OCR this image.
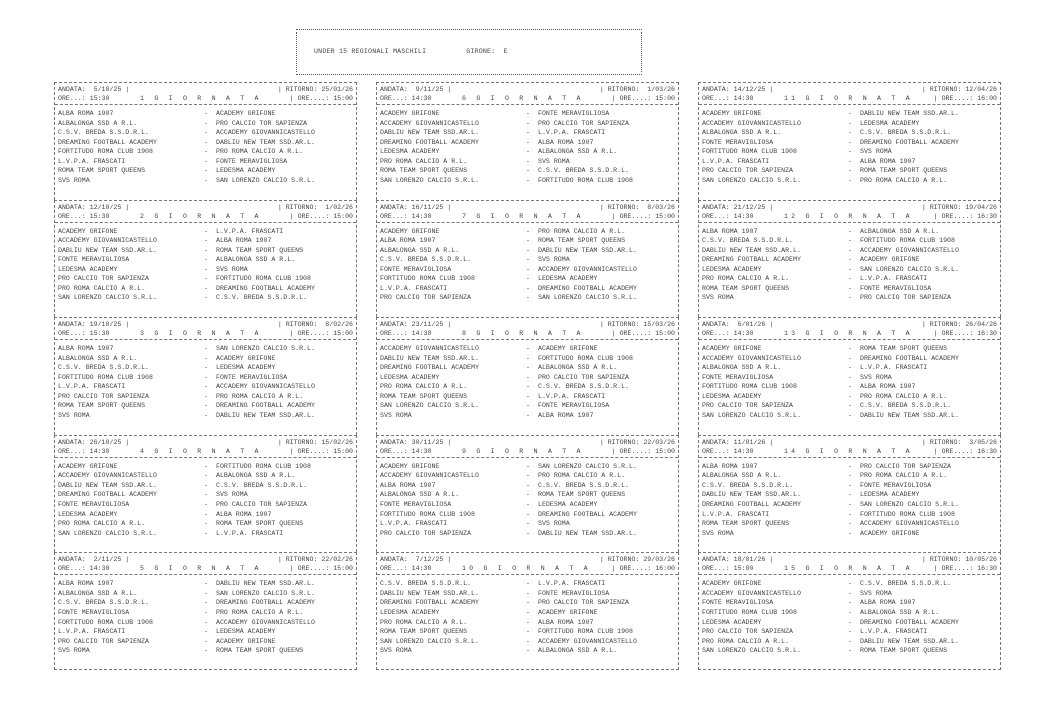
UNDER 15 REGIONALI MASCHILI	GIRONE:  E
ANDATA:  5/10/25 |	| RITORNO: 25/01/26
ORE...: 15:30	1 G I O R N A T A	| ORE....: 15:00
ALBA ROMA 1907	- ACADEMY GRIFONE
ALBALONGA SSD A R.L.	- PRO CALCIO TOR SAPIENZA
C.S.V. BREDA S.S.D.R.L.	- ACCADEMY GIOVANNICASTELLO
DREAMING FOOTBALL ACADEMY	- DABLIU NEW TEAM SSD.AR.L.
FORTITUDO ROMA CLUB 1908	- PRO ROMA CALCIO A R.L.
L.V.P.A. FRASCATI	- FONTE MERAVIGLIOSA
ROMA TEAM SPORT QUEENS	- LEDESMA ACADEMY
SVS ROMA	- SAN LORENZO CALCIO S.R.L.
ANDATA: 12/10/25 |	| RITORNO:  1/02/26
ORE...: 15:30	2 G I O R N A T A	| ORE....: 15:00
ACADEMY GRIFONE	- L.V.P.A. FRASCATI
ACCADEMY GIOVANNICASTELLO	- ALBA ROMA 1907
DABLIU NEW TEAM SSD.AR.L.	- ROMA TEAM SPORT QUEENS
FONTE MERAVIGLIOSA	- ALBALONGA SSD A R.L.
LEDESMA ACADEMY	- SVS ROMA
PRO CALCIO TOR SAPIENZA	- FORTITUDO ROMA CLUB 1908
PRO ROMA CALCIO A R.L.	- DREAMING FOOTBALL ACADEMY
SAN LORENZO CALCIO S.R.L.	- C.S.V. BREDA S.S.D.R.L.
ANDATA: 19/10/25 |	| RITORNO:  8/02/26
ORE...: 15:30	3 G I O R N A T A	| ORE....: 15:00
ALBA ROMA 1907	- SAN LORENZO CALCIO S.R.L.
ALBALONGA SSD A R.L.	- ACADEMY GRIFONE
C.S.V. BREDA S.S.D.R.L.	- LEDESMA ACADEMY
FORTITUDO ROMA CLUB 1908	- FONTE MERAVIGLIOSA
L.V.P.A. FRASCATI	- ACCADEMY GIOVANNICASTELLO
PRO CALCIO TOR SAPIENZA	- PRO ROMA CALCIO A R.L.
ROMA TEAM SPORT QUEENS	- DREAMING FOOTBALL ACADEMY
SVS ROMA	- DABLIU NEW TEAM SSD.AR.L.
ANDATA: 26/10/25 |	| RITORNO: 15/02/26
ORE...: 14:30	4 G I O R N A T A	| ORE....: 15:00
ACADEMY GRIFONE	- FORTITUDO ROMA CLUB 1908
ACCADEMY GIOVANNICASTELLO	- ALBALONGA SSD A R.L.
DABLIU NEW TEAM SSD.AR.L.	- C.S.V. BREDA S.S.D.R.L.
DREAMING FOOTBALL ACADEMY	- SVS ROMA
FONTE MERAVIGLIOSA	- PRO CALCIO TOR SAPIENZA
LEDESMA ACADEMY	- ALBA ROMA 1907
PRO ROMA CALCIO A R.L.	- ROMA TEAM SPORT QUEENS
SAN LORENZO CALCIO S.R.L.	- L.V.P.A. FRASCATI
ANDATA:  2/11/25 |	| RITORNO: 22/02/26
ORE...: 14:30	5 G I O R N A T A	| ORE....: 15:00
ALBA ROMA 1907	- DABLIU NEW TEAM SSD.AR.L.
ALBALONGA SSD A R.L.	- SAN LORENZO CALCIO S.R.L.
C.S.V. BREDA S.S.D.R.L.	- DREAMING FOOTBALL ACADEMY
FONTE MERAVIGLIOSA	- PRO ROMA CALCIO A R.L.
FORTITUDO ROMA CLUB 1908	- ACCADEMY GIOVANNICASTELLO
L.V.P.A. FRASCATI	- LEDESMA ACADEMY
PRO CALCIO TOR SAPIENZA	- ACADEMY GRIFONE
SVS ROMA	- ROMA TEAM SPORT QUEENS
ANDATA:  9/11/25 |	| RITORNO:  1/03/26
ORE...: 14:30	6 G I O R N A T A	| ORE....: 15:00
ACADEMY GRIFONE	- FONTE MERAVIGLIOSA
ACCADEMY GIOVANNICASTELLO	- PRO CALCIO TOR SAPIENZA
DABLIU NEW TEAM SSD.AR.L.	- L.V.P.A. FRASCATI
DREAMING FOOTBALL ACADEMY	- ALBA ROMA 1907
LEDESMA ACADEMY	- ALBALONGA SSD A R.L.
PRO ROMA CALCIO A R.L.	- SVS ROMA
ROMA TEAM SPORT QUEENS	- C.S.V. BREDA S.S.D.R.L.
SAN LORENZO CALCIO S.R.L.	- FORTITUDO ROMA CLUB 1908
ANDATA: 16/11/25 |	| RITORNO:  8/03/26
ORE...: 14:30	7 G I O R N A T A	| ORE....: 15:00
ACADEMY GRIFONE	- PRO ROMA CALCIO A R.L.
ALBA ROMA 1907	- ROMA TEAM SPORT QUEENS
ALBALONGA SSD A R.L.	- DABLIU NEW TEAM SSD.AR.L.
C.S.V. BREDA S.S.D.R.L.	- SVS ROMA
FONTE MERAVIGLIOSA	- ACCADEMY GIOVANNICASTELLO
FORTITUDO ROMA CLUB 1908	- LEDESMA ACADEMY
L.V.P.A. FRASCATI	- DREAMING FOOTBALL ACADEMY
PRO CALCIO TOR SAPIENZA	- SAN LORENZO CALCIO S.R.L.
ANDATA: 23/11/25 |	| RITORNO: 15/03/26
ORE...: 14:30	8 G I O R N A T A	| ORE....: 15:00
ACCADEMY GIOVANNICASTELLO	- ACADEMY GRIFONE
DABLIU NEW TEAM SSD.AR.L.	- FORTITUDO ROMA CLUB 1908
DREAMING FOOTBALL ACADEMY	- ALBALONGA SSD A R.L.
LEDESMA ACADEMY	- PRO CALCIO TOR SAPIENZA
PRO ROMA CALCIO A R.L.	- C.S.V. BREDA S.S.D.R.L.
ROMA TEAM SPORT QUEENS	- L.V.P.A. FRASCATI
SAN LORENZO CALCIO S.R.L.	- FONTE MERAVIGLIOSA
SVS ROMA	- ALBA ROMA 1907
ANDATA: 30/11/25 |	| RITORNO: 22/03/26
ORE...: 14:30	9 G I O R N A T A	| ORE....: 15:00
ACADEMY GRIFONE	- SAN LORENZO CALCIO S.R.L.
ACCADEMY GIOVANNICASTELLO	- PRO ROMA CALCIO A R.L.
ALBA ROMA 1907	- C.S.V. BREDA S.S.D.R.L.
ALBALONGA SSD A R.L.	- ROMA TEAM SPORT QUEENS
FONTE MERAVIGLIOSA	- LEDESMA ACADEMY
FORTITUDO ROMA CLUB 1908	- DREAMING FOOTBALL ACADEMY
L.V.P.A. FRASCATI	- SVS ROMA
PRO CALCIO TOR SAPIENZA	- DABLIU NEW TEAM SSD.AR.L.
ANDATA:  7/12/25 |	| RITORNO: 29/03/26
ORE...: 14:30	10 G I O R N A T A	| ORE....: 16:00
C.S.V. BREDA S.S.D.R.L.	- L.V.P.A. FRASCATI
DABLIU NEW TEAM SSD.AR.L.	- FONTE MERAVIGLIOSA
DREAMING FOOTBALL ACADEMY	- PRO CALCIO TOR SAPIENZA
LEDESMA ACADEMY	- ACADEMY GRIFONE
PRO ROMA CALCIO A R.L.	- ALBA ROMA 1907
ROMA TEAM SPORT QUEENS	- FORTITUDO ROMA CLUB 1908
SAN LORENZO CALCIO S.R.L.	- ACCADEMY GIOVANNICASTELLO
SVS ROMA	- ALBALONGA SSD A R.L.
ANDATA: 14/12/25 |	| RITORNO: 12/04/26
ORE...: 14:30	11 G I O R N A T A	| ORE....: 16:00
ACADEMY GRIFONE	- DABLIU NEW TEAM SSD.AR.L.
ACCADEMY GIOVANNICASTELLO	- LEDESMA ACADEMY
ALBALONGA SSD A R.L.	- C.S.V. BREDA S.S.D.R.L.
FONTE MERAVIGLIOSA	- DREAMING FOOTBALL ACADEMY
FORTITUDO ROMA CLUB 1908	- SVS ROMA
L.V.P.A. FRASCATI	- ALBA ROMA 1907
PRO CALCIO TOR SAPIENZA	- ROMA TEAM SPORT QUEENS
SAN LORENZO CALCIO S.R.L.	- PRO ROMA CALCIO A R.L.
ANDATA: 21/12/25 |	| RITORNO: 19/04/26
ORE...: 14:30	12 G I O R N A T A	| ORE....: 16:30
ALBA ROMA 1907	- ALBALONGA SSD A R.L.
C.S.V. BREDA S.S.D.R.L.	- FORTITUDO ROMA CLUB 1908
DABLIU NEW TEAM SSD.AR.L.	- ACCADEMY GIOVANNICASTELLO
DREAMING FOOTBALL ACADEMY	- ACADEMY GRIFONE
LEDESMA ACADEMY	- SAN LORENZO CALCIO S.R.L.
PRO ROMA CALCIO A R.L.	- L.V.P.A. FRASCATI
ROMA TEAM SPORT QUEENS	- FONTE MERAVIGLIOSA
SVS ROMA	- PRO CALCIO TOR SAPIENZA
ANDATA:  6/01/26 |	| RITORNO: 26/04/26
ORE...: 14:30	13 G I O R N A T A	| ORE....: 16:30
ACADEMY GRIFONE	- ROMA TEAM SPORT QUEENS
ACCADEMY GIOVANNICASTELLO	- DREAMING FOOTBALL ACADEMY
ALBALONGA SSD A R.L.	- L.V.P.A. FRASCATI
FONTE MERAVIGLIOSA	- SVS ROMA
FORTITUDO ROMA CLUB 1908	- ALBA ROMA 1907
LEDESMA ACADEMY	- PRO ROMA CALCIO A R.L.
PRO CALCIO TOR SAPIENZA	- C.S.V. BREDA S.S.D.R.L.
SAN LORENZO CALCIO S.R.L.	- DABLIU NEW TEAM SSD.AR.L.
ANDATA: 11/01/26 |	| RITORNO:  3/05/26
ORE...: 14:30	14 G I O R N A T A	| ORE....: 16:30
ALBA ROMA 1907	- PRO CALCIO TOR SAPIENZA
ALBALONGA SSD A R.L.	- PRO ROMA CALCIO A R.L.
C.S.V. BREDA S.S.D.R.L.	- FONTE MERAVIGLIOSA
DABLIU NEW TEAM SSD.AR.L.	- LEDESMA ACADEMY
DREAMING FOOTBALL ACADEMY	- SAN LORENZO CALCIO S.R.L.
L.V.P.A. FRASCATI	- FORTITUDO ROMA CLUB 1908
ROMA TEAM SPORT QUEENS	- ACCADEMY GIOVANNICASTELLO
SVS ROMA	- ACADEMY GRIFONE
ANDATA: 18/01/26 |	| RITORNO: 10/05/26
ORE...: 15:00	15 G I O R N A T A	| ORE....: 16:30
ACADEMY GRIFONE	- C.S.V. BREDA S.S.D.R.L.
ACCADEMY GIOVANNICASTELLO	- SVS ROMA
FONTE MERAVIGLIOSA	- ALBA ROMA 1907
FORTITUDO ROMA CLUB 1908	- ALBALONGA SSD A R.L.
LEDESMA ACADEMY	- DREAMING FOOTBALL ACADEMY
PRO CALCIO TOR SAPIENZA	- L.V.P.A. FRASCATI
PRO ROMA CALCIO A R.L.	- DABLIU NEW TEAM SSD.AR.L.
SAN LORENZO CALCIO S.R.L.	- ROMA TEAM SPORT QUEENS
